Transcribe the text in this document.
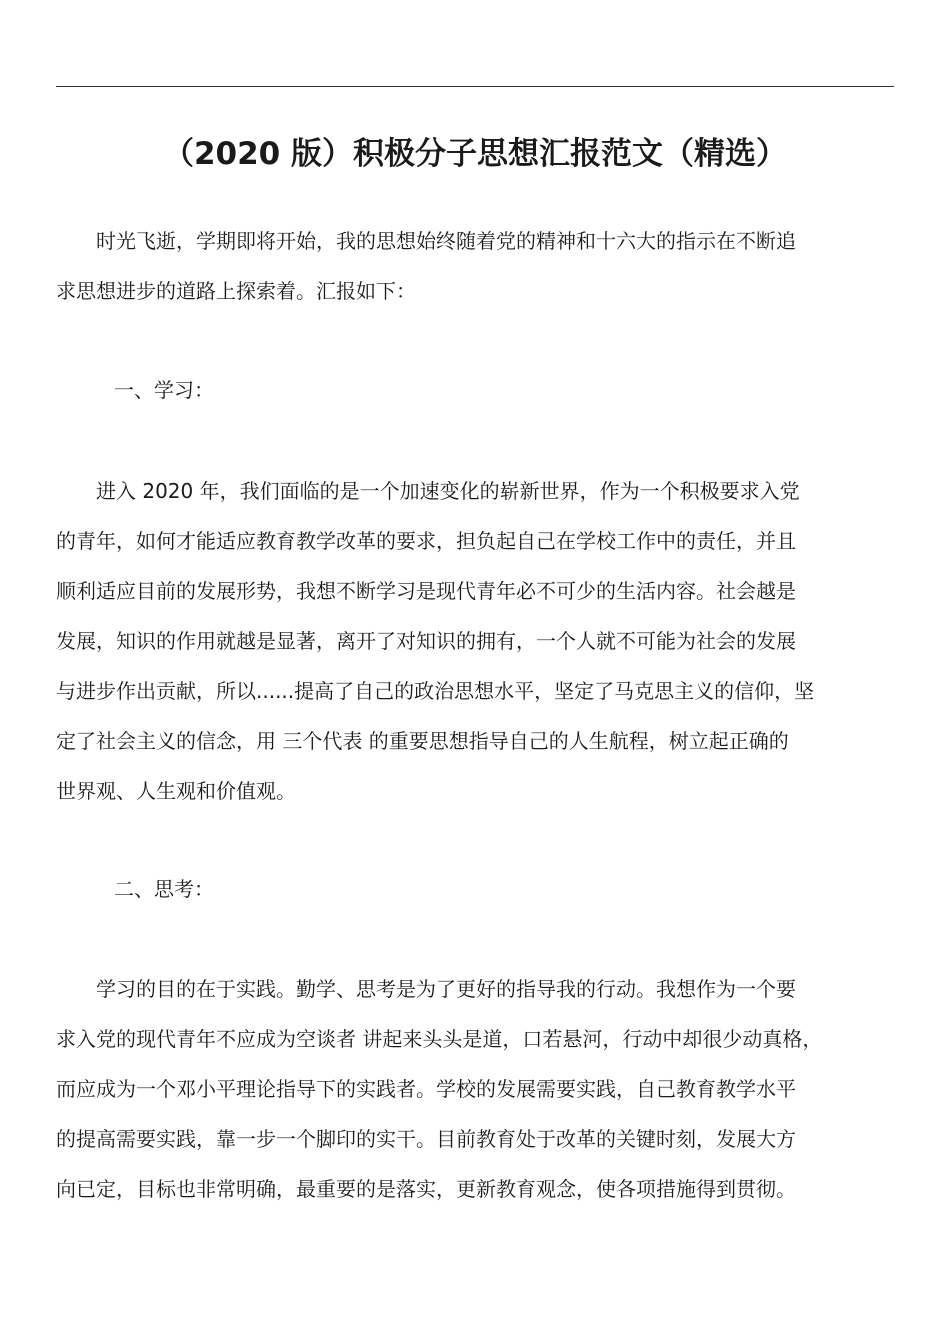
（2020 版）积极分子思想汇报范文（精选）
时光飞逝，学期即将开始，我的思想始终随着党的精神和十六大的指示在不断追
求思想进步的道路上探索着。汇报如下：
一、学习：
进入 2020 年，我们面临的是一个加速变化的崭新世界，作为一个积极要求入党
的青年，如何才能适应教育教学改革的要求，担负起自己在学校工作中的责任，并且
顺利适应目前的发展形势，我想不断学习是现代青年必不可少的生活内容。社会越是
发展，知识的作用就越是显著，离开了对知识的拥有，一个人就不可能为社会的发展
与进步作出贡献，所以......提高了自己的政治思想水平，坚定了马克思主义的信仰，坚
定了社会主义的信念，用 三个代表 的重要思想指导自己的人生航程，树立起正确的
世界观、人生观和价值观。
二、思考：
学习的目的在于实践。勤学、思考是为了更好的指导我的行动。我想作为一个要
求入党的现代青年不应成为空谈者 讲起来头头是道，口若悬河，行动中却很少动真格，
而应成为一个邓小平理论指导下的实践者。学校的发展需要实践，自己教育教学水平
的提高需要实践，靠一步一个脚印的实干。目前教育处于改革的关键时刻，发展大方
向已定，目标也非常明确，最重要的是落实，更新教育观念，使各项措施得到贯彻。
